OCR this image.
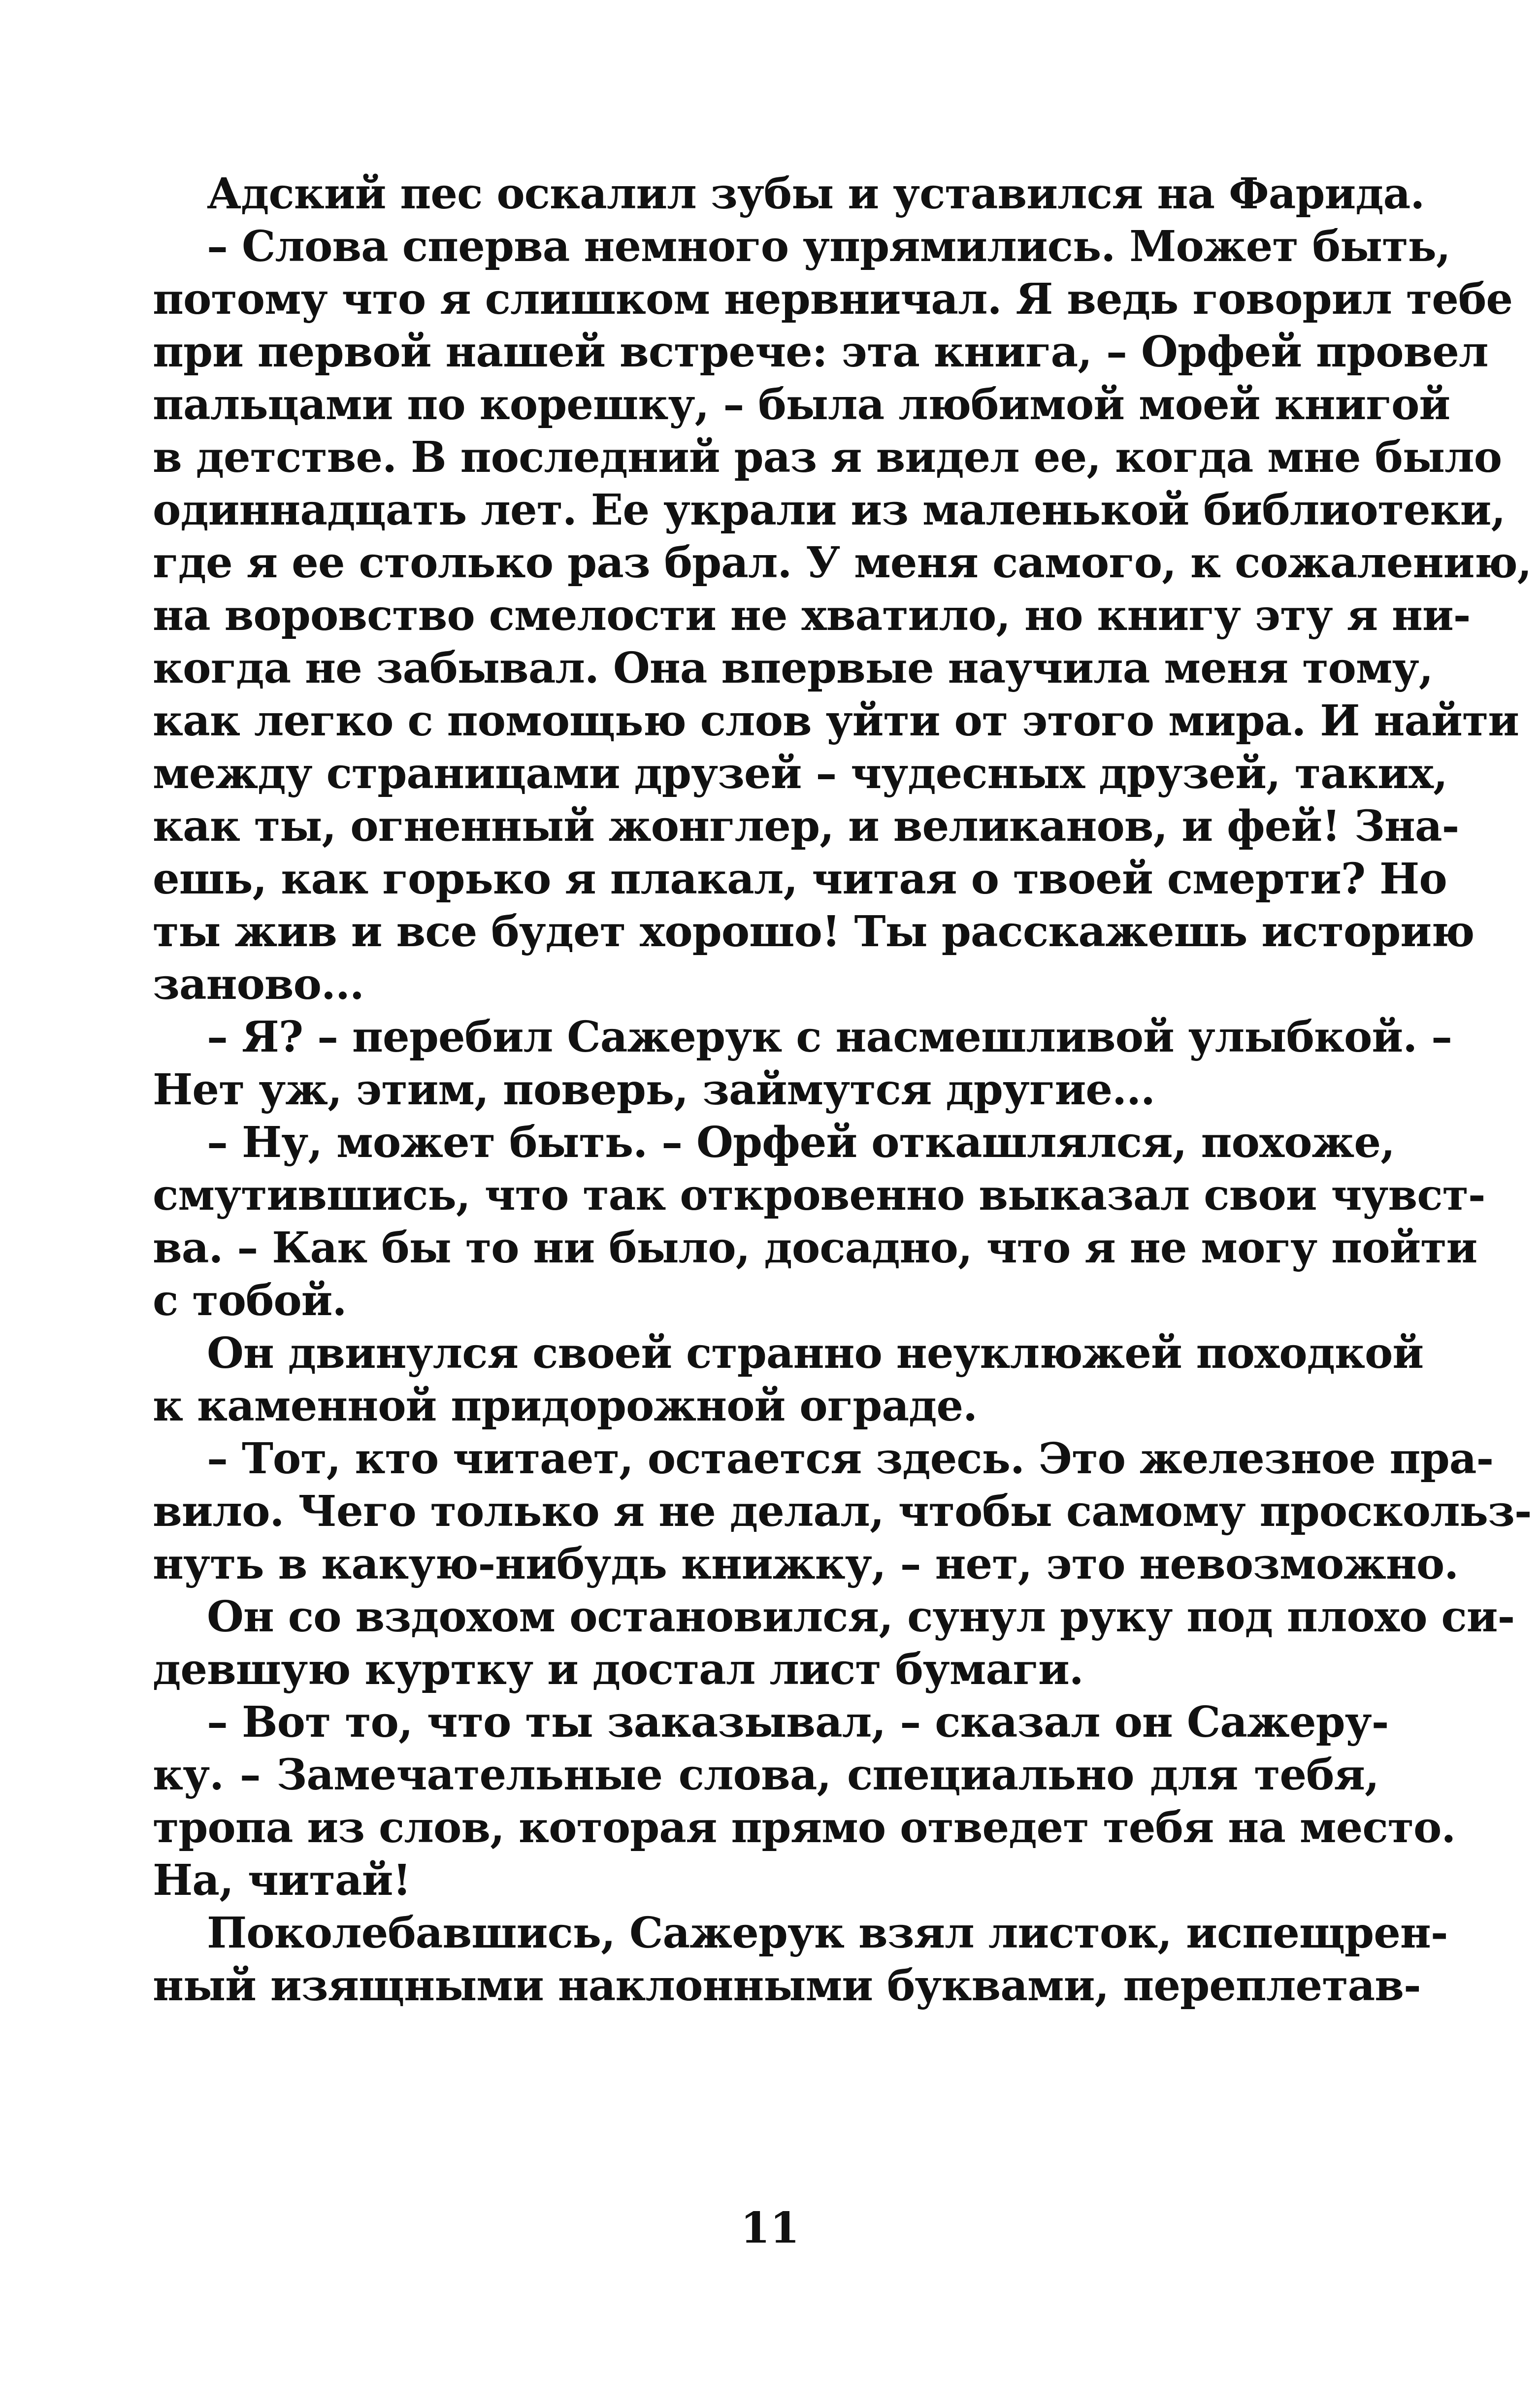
Адский пес оскалил зубы и уставился на Фарида.
– Слова сперва немного упрямились. Может быть,
потому что я слишком нервничал. Я ведь говорил тебе
при первой нашей встрече: эта книга, – Орфей провел
пальцами по корешку, – была любимой моей книгой
в детстве. В последний раз я видел ее, когда мне было
одиннадцать лет. Ее украли из маленькой библиотеки,
где я ее столько раз брал. У меня самого, к сожалению,
на воровство смелости не хватило, но книгу эту я ни-
когда не забывал. Она впервые научила меня тому,
как легко с помощью слов уйти от этого мира. И найти
между страницами друзей – чудесных друзей, таких,
как ты, огненный жонглер, и великанов, и фей! Зна-
ешь, как горько я плакал, читая о твоей смерти? Но
ты жив и все будет хорошо! Ты расскажешь историю
заново...
– Я? – перебил Сажерук с насмешливой улыбкой. –
Нет уж, этим, поверь, займутся другие...
– Ну, может быть. – Орфей откашлялся, похоже,
смутившись, что так откровенно выказал свои чувст-
ва. – Как бы то ни было, досадно, что я не могу пойти
с тобой.
Он двинулся своей странно неуклюжей походкой
к каменной придорожной ограде.
– Тот, кто читает, остается здесь. Это железное пра-
вило. Чего только я не делал, чтобы самому проскольз-
нуть в какую-нибудь книжку, – нет, это невозможно.
Он со вздохом остановился, сунул руку под плохо си-
девшую куртку и достал лист бумаги.
– Вот то, что ты заказывал, – сказал он Сажеру-
ку. – Замечательные слова, специально для тебя,
тропа из слов, которая прямо отведет тебя на место.
На, читай!
Поколебавшись, Сажерук взял листок, испещрен-
ный изящными наклонными буквами, переплетав-
11
